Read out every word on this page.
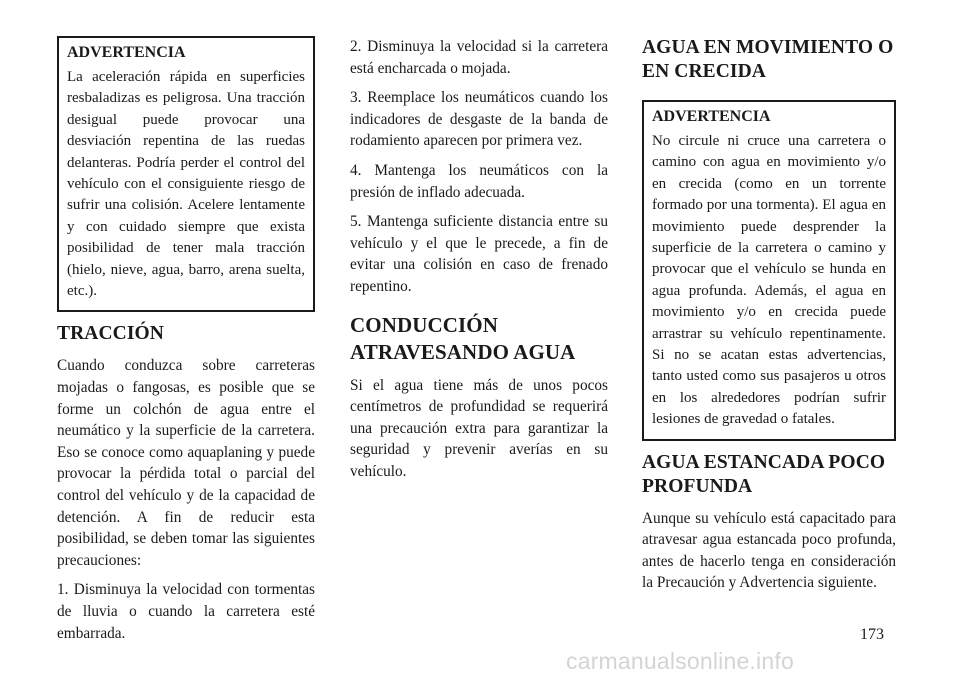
ADVERTENCIA

La aceleración rápida en superficies resbaladizas es peligrosa. Una tracción desigual puede provocar una desviación repentina de las ruedas delanteras. Podría perder el control del vehículo con el consiguiente riesgo de sufrir una colisión. Acelere lentamente y con cuidado siempre que exista posibilidad de tener mala tracción (hielo, nieve, agua, barro, arena suelta, etc.).

TRACCIÓN

Cuando conduzca sobre carreteras mojadas o fangosas, es posible que se forme un colchón de agua entre el neumático y la superficie de la carretera. Eso se conoce como aquaplaning y puede provocar la pérdida total o parcial del control del vehículo y de la capacidad de detención. A fin de reducir esta posibilidad, se deben tomar las siguientes precauciones:

1. Disminuya la velocidad con tormentas de lluvia o cuando la carretera esté embarrada.

2. Disminuya la velocidad si la carretera está encharcada o mojada.

3. Reemplace los neumáticos cuando los indicadores de desgaste de la banda de rodamiento aparecen por primera vez.

4. Mantenga los neumáticos con la presión de inflado adecuada.

5. Mantenga suficiente distancia entre su vehículo y el que le precede, a fin de evitar una colisión en caso de frenado repentino.

CONDUCCIÓN ATRAVESANDO AGUA

Si el agua tiene más de unos pocos centímetros de profundidad se requerirá una precaución extra para garantizar la seguridad y prevenir averías en su vehículo.

AGUA EN MOVIMIENTO O EN CRECIDA
ADVERTENCIA

No circule ni cruce una carretera o camino con agua en movimiento y/o en crecida (como en un torrente formado por una tormenta). El agua en movimiento puede desprender la superficie de la carretera o camino y provocar que el vehículo se hunda en agua profunda. Además, el agua en movimiento y/o en crecida puede arrastrar su vehículo repentinamente. Si no se acatan estas advertencias, tanto usted como sus pasajeros u otros en los alrededores podrían sufrir lesiones de gravedad o fatales.

AGUA ESTANCADA POCO PROFUNDA

Aunque su vehículo está capacitado para atravesar agua estancada poco profunda, antes de hacerlo tenga en consideración la Precaución y Advertencia siguiente.

173
carmanualsonline.info
